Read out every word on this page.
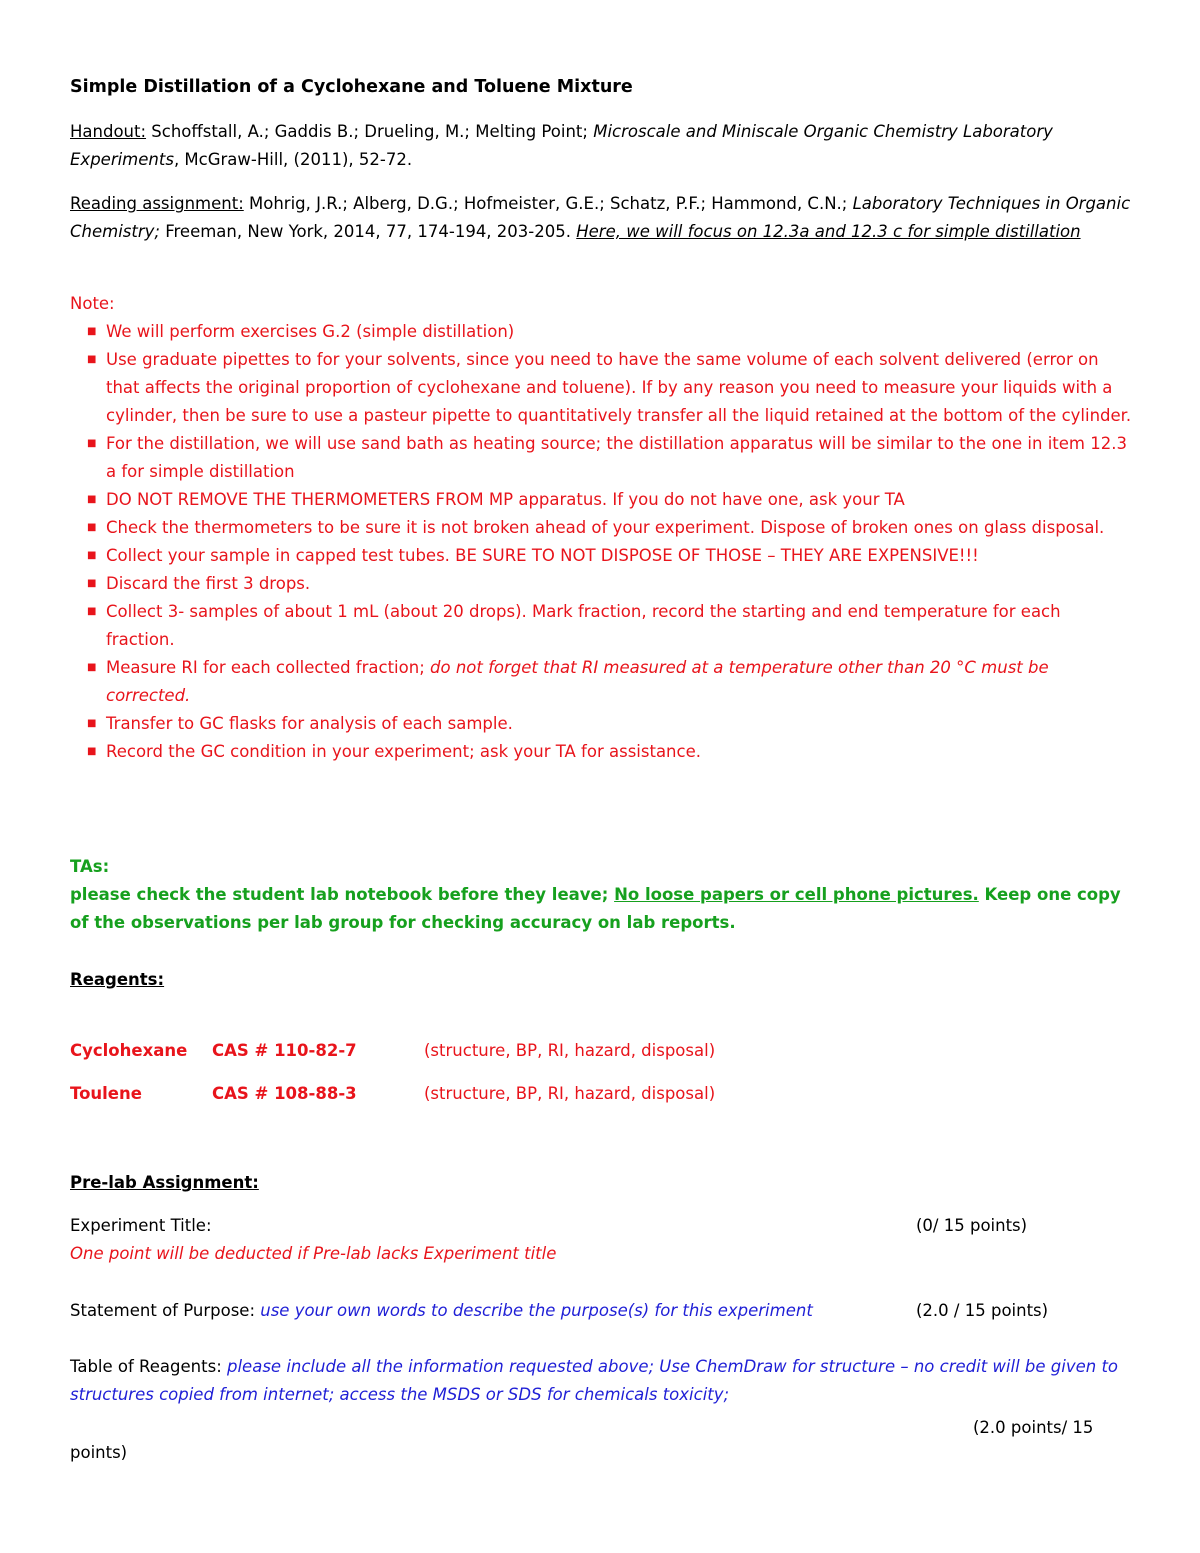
Simple Distillation of a Cyclohexane and Toluene Mixture
Handout: Schoffstall, A.; Gaddis B.; Drueling, M.; Melting Point; Microscale and Miniscale Organic Chemistry Laboratory Experiments, McGraw-Hill, (2011), 52-72.
Reading assignment: Mohrig, J.R.; Alberg, D.G.; Hofmeister, G.E.; Schatz, P.F.; Hammond, C.N.; Laboratory Techniques in Organic Chemistry; Freeman, New York, 2014, 77, 174-194, 203-205. Here, we will focus on 12.3a and 12.3 c for simple distillation
Note:
■ We will perform exercises G.2 (simple distillation)
■ Use graduate pipettes to for your solvents, since you need to have the same volume of each solvent delivered (error on that affects the original proportion of cyclohexane and toluene). If by any reason you need to measure your liquids with a cylinder, then be sure to use a pasteur pipette to quantitatively transfer all the liquid retained at the bottom of the cylinder.
■ For the distillation, we will use sand bath as heating source; the distillation apparatus will be similar to the one in item 12.3 a for simple distillation
■ DO NOT REMOVE THE THERMOMETERS FROM MP apparatus. If you do not have one, ask your TA
■ Check the thermometers to be sure it is not broken ahead of your experiment. Dispose of broken ones on glass disposal.
■ Collect your sample in capped test tubes. BE SURE TO NOT DISPOSE OF THOSE – THEY ARE EXPENSIVE!!!
■ Discard the first 3 drops.
■ Collect 3- samples of about 1 mL (about 20 drops). Mark fraction, record the starting and end temperature for each fraction.
■ Measure RI for each collected fraction; do not forget that RI measured at a temperature other than 20 °C must be corrected.
■ Transfer to GC flasks for analysis of each sample.
■ Record the GC condition in your experiment; ask your TA for assistance.
TAs:
please check the student lab notebook before they leave; No loose papers or cell phone pictures. Keep one copy of the observations per lab group for checking accuracy on lab reports.
Reagents:
Cyclohexane CAS # 110-82-7	(structure, BP, RI, hazard, disposal)
Toulene	CAS # 108-88-3	(structure, BP, RI, hazard, disposal)
Pre-lab Assignment:
Experiment Title:	(0/ 15 points)
One point will be deducted if Pre-lab lacks Experiment title
Statement of Purpose: use your own words to describe the purpose(s) for this experiment	(2.0 / 15 points)
Table of Reagents: please include all the information requested above; Use ChemDraw for structure – no credit will be given to structures copied from internet; access the MSDS or SDS for chemicals toxicity;
(2.0 points/ 15
points)
